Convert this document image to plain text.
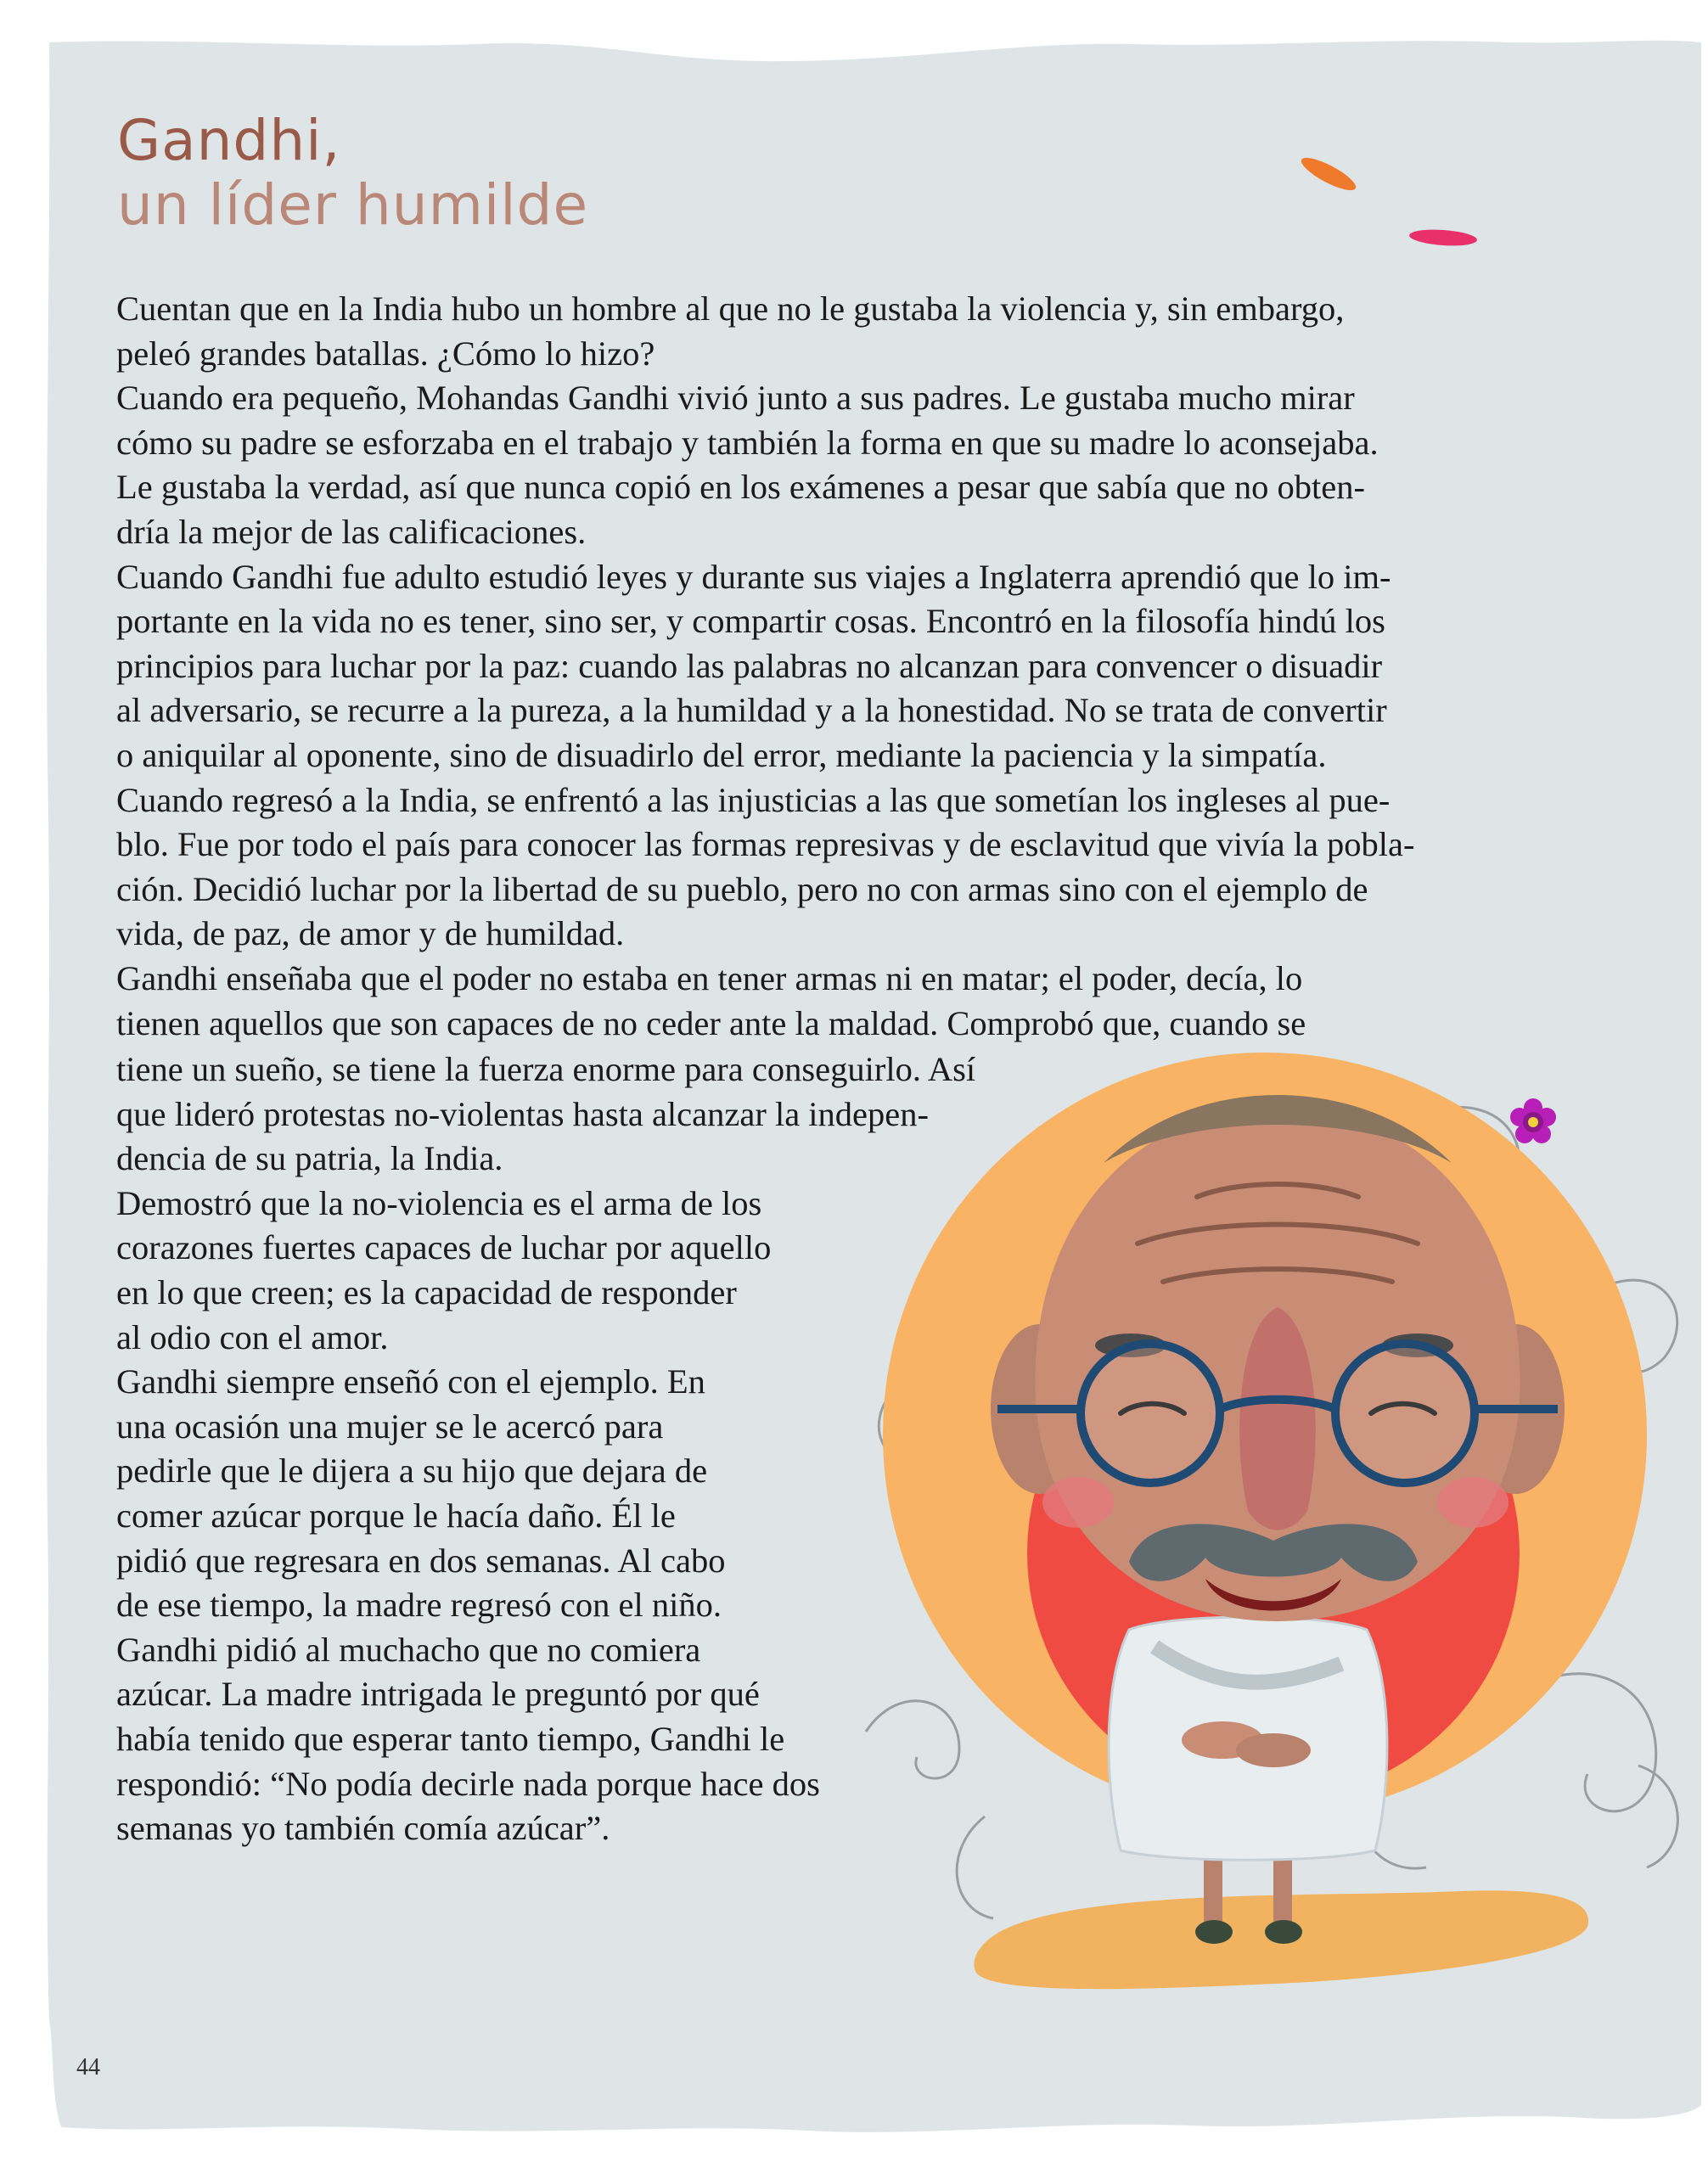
Gandhi,
un líder humilde
Cuentan que en la India hubo un hombre al que no le gustaba la violencia y, sin embargo,
peleó grandes batallas. ¿Cómo lo hizo?
Cuando era pequeño, Mohandas Gandhi vivió junto a sus padres. Le gustaba mucho mirar
cómo su padre se esforzaba en el trabajo y también la forma en que su madre lo aconsejaba.
Le gustaba la verdad, así que nunca copió en los exámenes a pesar que sabía que no obten-
dría la mejor de las calificaciones.
Cuando Gandhi fue adulto estudió leyes y durante sus viajes a Inglaterra aprendió que lo im-
portante en la vida no es tener, sino ser, y compartir cosas. Encontró en la filosofía hindú los
principios para luchar por la paz: cuando las palabras no alcanzan para convencer o disuadir
al adversario, se recurre a la pureza, a la humildad y a la honestidad. No se trata de convertir
o aniquilar al oponente, sino de disuadirlo del error, mediante la paciencia y la simpatía.
Cuando regresó a la India, se enfrentó a las injusticias a las que sometían los ingleses al pue-
blo. Fue por todo el país para conocer las formas represivas y de esclavitud que vivía la pobla-
ción. Decidió luchar por la libertad de su pueblo, pero no con armas sino con el ejemplo de
vida, de paz, de amor y de humildad.
Gandhi enseñaba que el poder no estaba en tener armas ni en matar; el poder, decía, lo
tienen aquellos que son capaces de no ceder ante la maldad. Comprobó que, cuando se
tiene un sueño, se tiene la fuerza enorme para conseguirlo. Así
que lideró protestas no-violentas hasta alcanzar la indepen-
dencia de su patria, la India.
Demostró que la no-violencia es el arma de los
corazones fuertes capaces de luchar por aquello
en lo que creen; es la capacidad de responder
al odio con el amor.
Gandhi siempre enseñó con el ejemplo. En
una ocasión una mujer se le acercó para
pedirle que le dijera a su hijo que dejara de
comer azúcar porque le hacía daño. Él le
pidió que regresara en dos semanas. Al cabo
de ese tiempo, la madre regresó con el niño.
Gandhi pidió al muchacho que no comiera
azúcar. La madre intrigada le preguntó por qué
había tenido que esperar tanto tiempo, Gandhi le
respondió: “No podía decirle nada porque hace dos
semanas yo también comía azúcar”.
44
